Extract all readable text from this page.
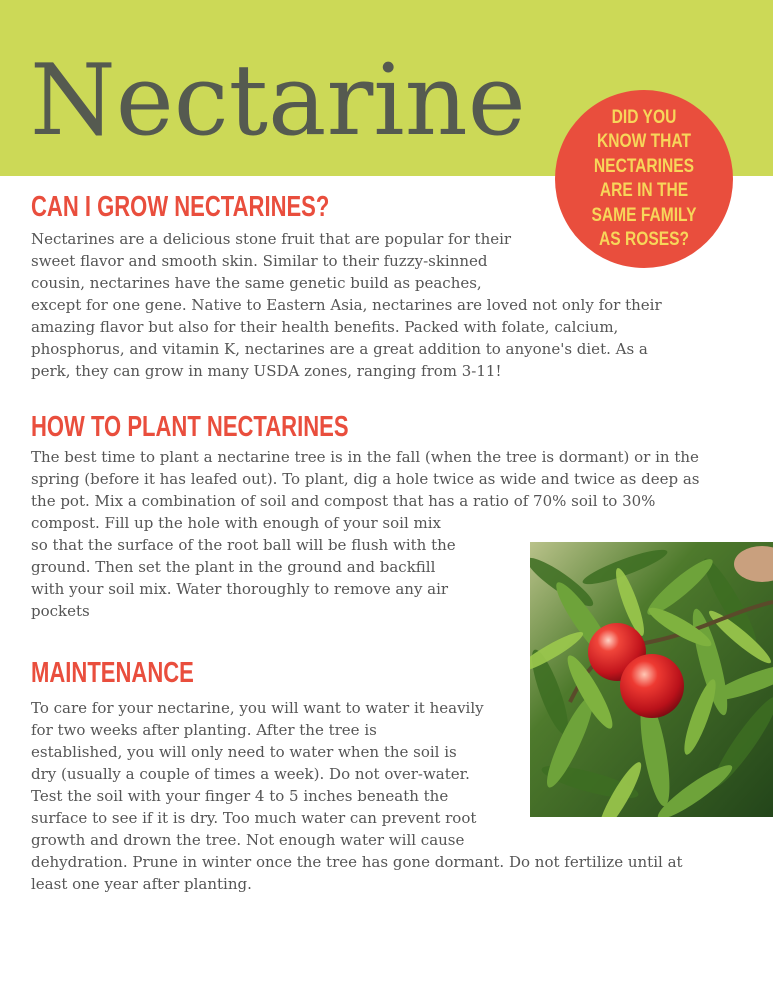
Nectarine	DID YOU KNOW THAT NECTARINES ARE IN THE SAME FAMILY AS ROSES?
CAN I GROW NECTARINES?
Nectarines are a delicious stone fruit that are popular for their
sweet flavor and smooth skin. Similar to their fuzzy-skinned
cousin, nectarines have the same genetic build as peaches,
except for one gene. Native to Eastern Asia, nectarines are loved not only for their
amazing flavor but also for their health benefits. Packed with folate, calcium,
phosphorus, and vitamin K, nectarines are a great addition to anyone's diet. As a
perk, they can grow in many USDA zones, ranging from 3-11!
HOW TO PLANT NECTARINES
The best time to plant a nectarine tree is in the fall (when the tree is dormant) or in the
spring (before it has leafed out). To plant, dig a hole twice as wide and twice as deep as
the pot. Mix a combination of soil and compost that has a ratio of 70% soil to 30%
compost. Fill up the hole with enough of your soil mix
so that the surface of the root ball will be flush with the
ground. Then set the plant in the ground and backfill
with your soil mix. Water thoroughly to remove any air
pockets
MAINTENANCE
To care for your nectarine, you will want to water it heavily
for two weeks after planting. After the tree is
established, you will only need to water when the soil is
dry (usually a couple of times a week). Do not over-water.
Test the soil with your finger 4 to 5 inches beneath the
surface to see if it is dry. Too much water can prevent root
growth and drown the tree. Not enough water will cause
dehydration. Prune in winter once the tree has gone dormant. Do not fertilize until at
least one year after planting.
